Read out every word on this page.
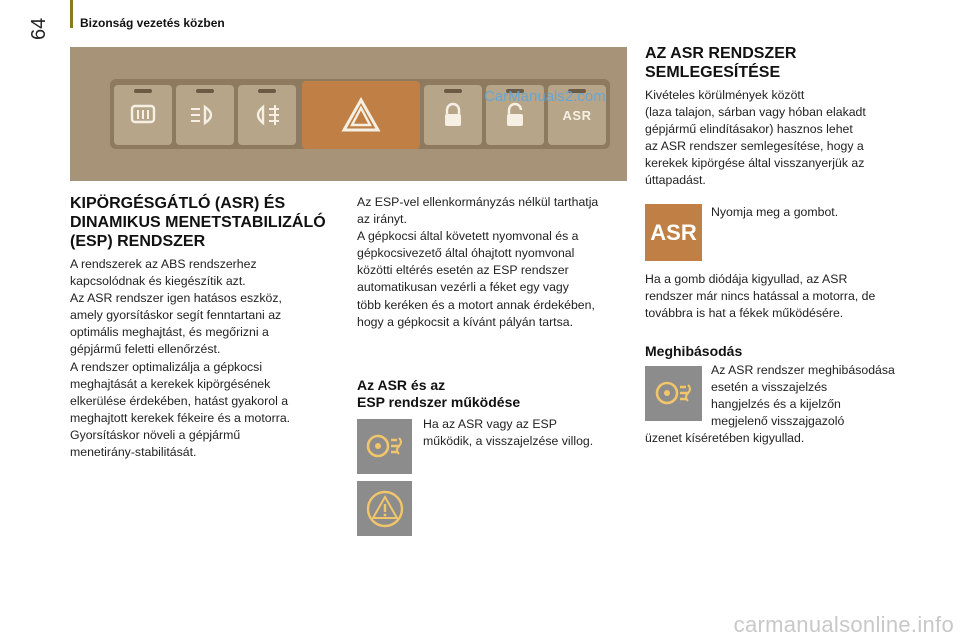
Bizonság vezetés közben
64
ASR
CarManuals2.com
KIPÖRGÉSGÁTLÓ (ASR) ÉS
DINAMIKUS MENETSTABILIZÁLÓ
(ESP) RENDSZER
A rendszerek az ABS rendszerhez
kapcsolódnak és kiegészítik azt.
Az ASR rendszer igen hatásos eszköz,
amely gyorsításkor segít fenntartani az
optimális meghajtást, és megőrizni a
gépjármű feletti ellenőrzést.
A rendszer optimalizálja a gépkocsi
meghajtását a kerekek kipörgésének
elkerülése érdekében, hatást gyakorol a
meghajtott kerekek fékeire és a motorra.
Gyorsításkor növeli a gépjármű
menetirány-stabilitását.
Az ESP-vel ellenkormányzás nélkül tarthatja
az irányt.
A gépkocsi által követett nyomvonal és a
gépkocsivezető által óhajtott nyomvonal
közötti eltérés esetén az ESP rendszer
automatikusan vezérli a féket egy vagy
több keréken és a motort annak érdekében,
hogy a gépkocsit a kívánt pályán tartsa.
Az ASR és az
ESP rendszer működése
Ha az ASR vagy az ESP
működik, a visszajelzése villog.
AZ ASR RENDSZER
SEMLEGESÍTÉSE
Kivételes körülmények között
(laza talajon, sárban vagy hóban elakadt
gépjármű elindításakor) hasznos lehet
az ASR rendszer semlegesítése, hogy a
kerekek kipörgése által visszanyerjük az
úttapadást.
ASR
Nyomja meg a gombot.
Ha a gomb diódája kigyullad, az ASR
rendszer már nincs hatással a motorra, de
továbbra is hat a fékek működésére.
Meghibásodás
Az ASR rendszer meghibásodása
esetén a visszajelzés
hangjelzés és a kijelzőn
megjelenő visszajgazoló
üzenet kíséretében kigyullad.
carmanualsonline.info
